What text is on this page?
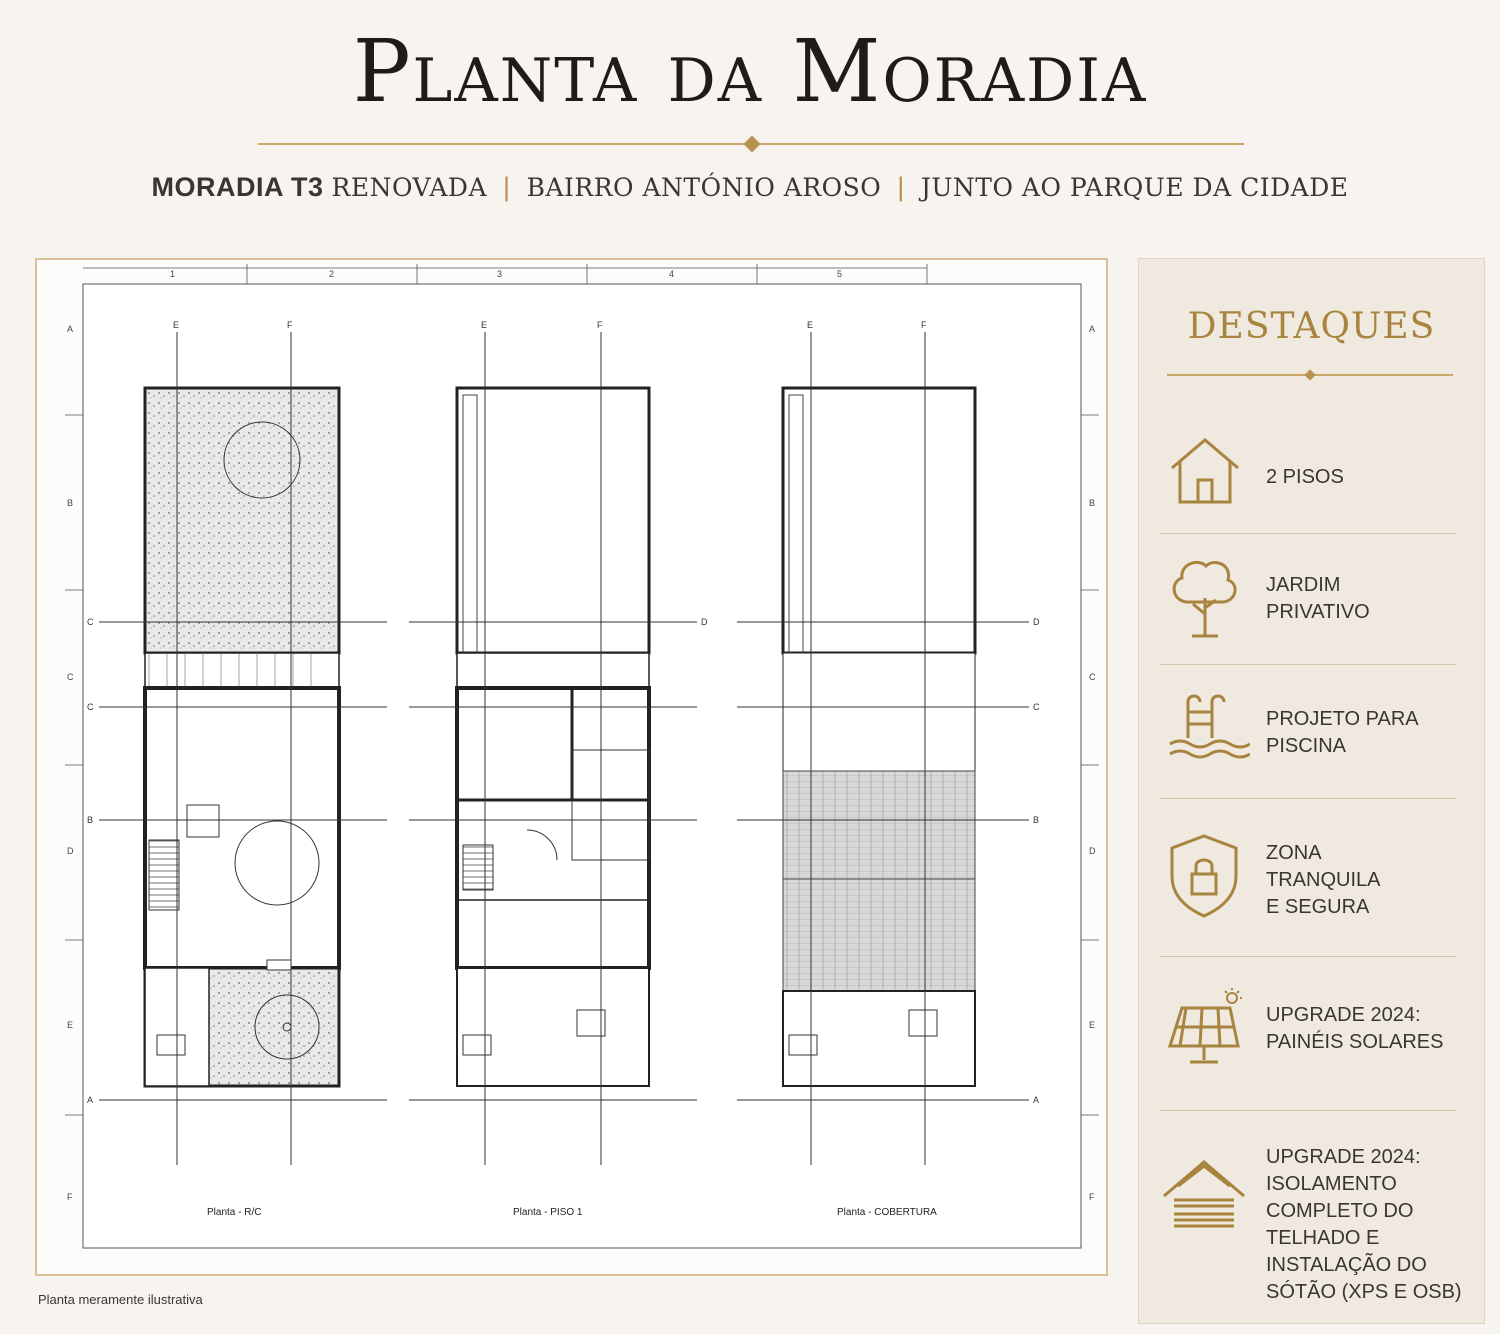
Planta da Moradia
MORADIA T3 RENOVADA | BAIRRO ANTÓNIO AROSO | JUNTO AO PARQUE DA CIDADE
1	2	3	4	5
A
B
C
D
E
F
A
B
C
D
E
F
Planta - R/C	Planta - PISO 1	Planta - COBERTURA
E	F	E	F	E	F
C	D	D
C	C
B	B
A	A
Planta meramente ilustrativa
DESTAQUES
2 PISOS
JARDIM
PRIVATIVO
PROJETO PARA
PISCINA
ZONA
TRANQUILA
E SEGURA
UPGRADE 2024:
PAINÉIS SOLARES
UPGRADE 2024:
ISOLAMENTO
COMPLETO DO
TELHADO E
INSTALAÇÃO DO
SÓTÃO (XPS E OSB)
